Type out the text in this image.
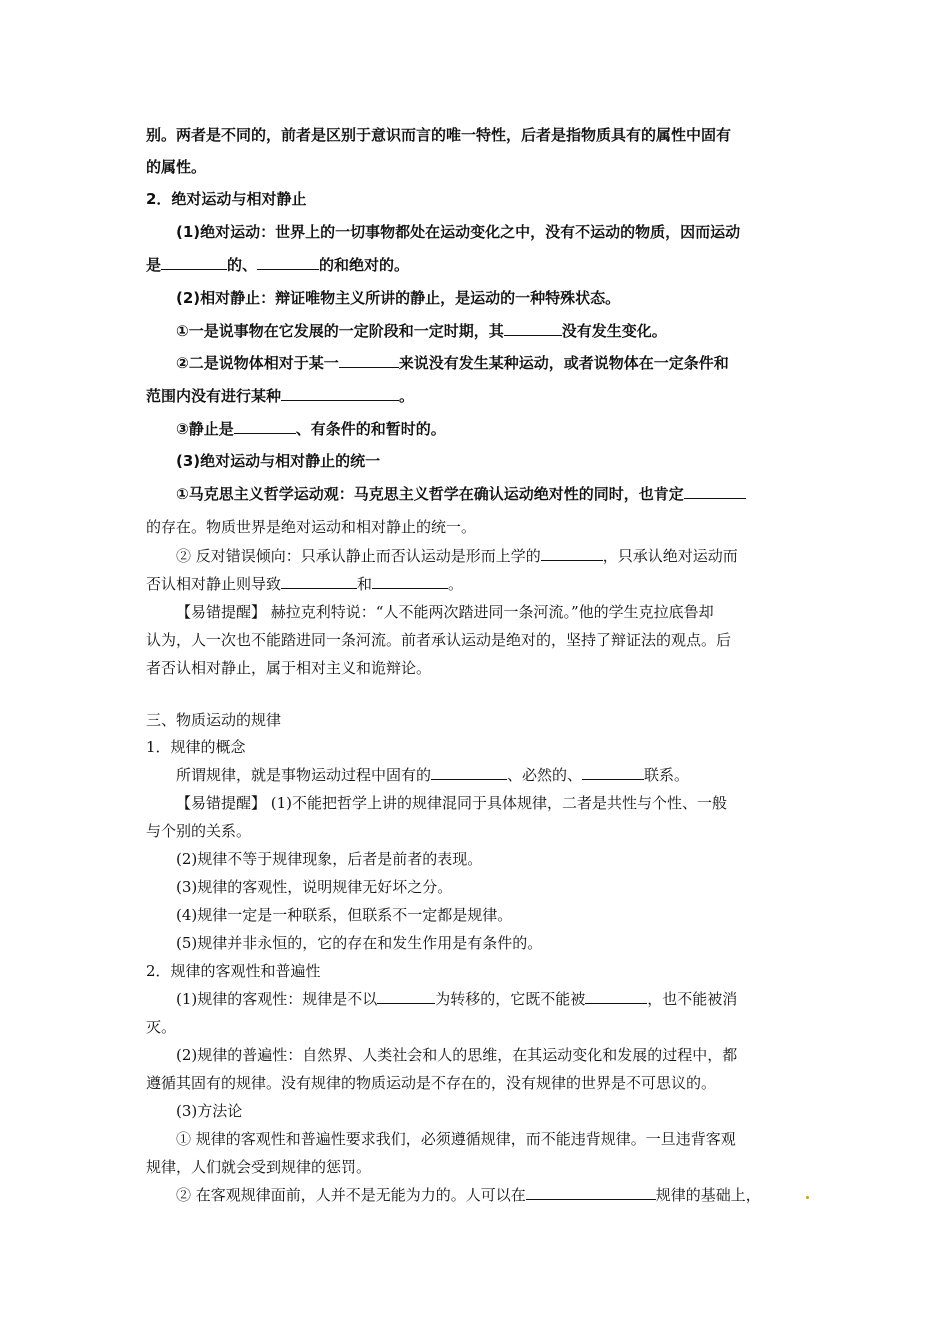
别。两者是不同的，前者是区别于意识而言的唯一特性，后者是指物质具有的属性中固有
的属性。
2．绝对运动与相对静止
(1)绝对运动：世界上的一切事物都处在运动变化之中，没有不运动的物质，因而运动
是	的、	的和绝对的。
(2)相对静止：辩证唯物主义所讲的静止，是运动的一种特殊状态。
①一是说事物在它发展的一定阶段和一定时期，其	没有发生变化。
②二是说物体相对于某一	来说没有发生某种运动，或者说物体在一定条件和
范围内没有进行某种	。
③静止是	、有条件的和暂时的。
(3)绝对运动与相对静止的统一
①马克思主义哲学运动观：马克思主义哲学在确认运动绝对性的同时，也肯定
的存在。物质世界是绝对运动和相对静止的统一。
② 反对错误倾向：只承认静止而否认运动是形而上学的	，只承认绝对运动而
否认相对静止则导致	和	。
【易错提醒】 赫拉克利特说：“人不能两次踏进同一条河流。”他的学生克拉底鲁却
认为，人一次也不能踏进同一条河流。前者承认运动是绝对的，坚持了辩证法的观点。后
者否认相对静止，属于相对主义和诡辩论。
三、物质运动的规律
1．规律的概念
所谓规律，就是事物运动过程中固有的	、必然的、	联系。
【易错提醒】 (1)不能把哲学上讲的规律混同于具体规律，二者是共性与个性、一般
与个别的关系。
(2)规律不等于规律现象，后者是前者的表现。
(3)规律的客观性，说明规律无好坏之分。
(4)规律一定是一种联系，但联系不一定都是规律。
(5)规律并非永恒的，它的存在和发生作用是有条件的。
2．规律的客观性和普遍性
(1)规律的客观性：规律是不以	为转移的，它既不能被	，也不能被消
灭。
(2)规律的普遍性：自然界、人类社会和人的思维，在其运动变化和发展的过程中，都
遵循其固有的规律。没有规律的物质运动是不存在的，没有规律的世界是不可思议的。
(3)方法论
① 规律的客观性和普遍性要求我们，必须遵循规律，而不能违背规律。一旦违背客观
规律，人们就会受到规律的惩罚。
② 在客观规律面前，人并不是无能为力的。人可以在	规律的基础上，
